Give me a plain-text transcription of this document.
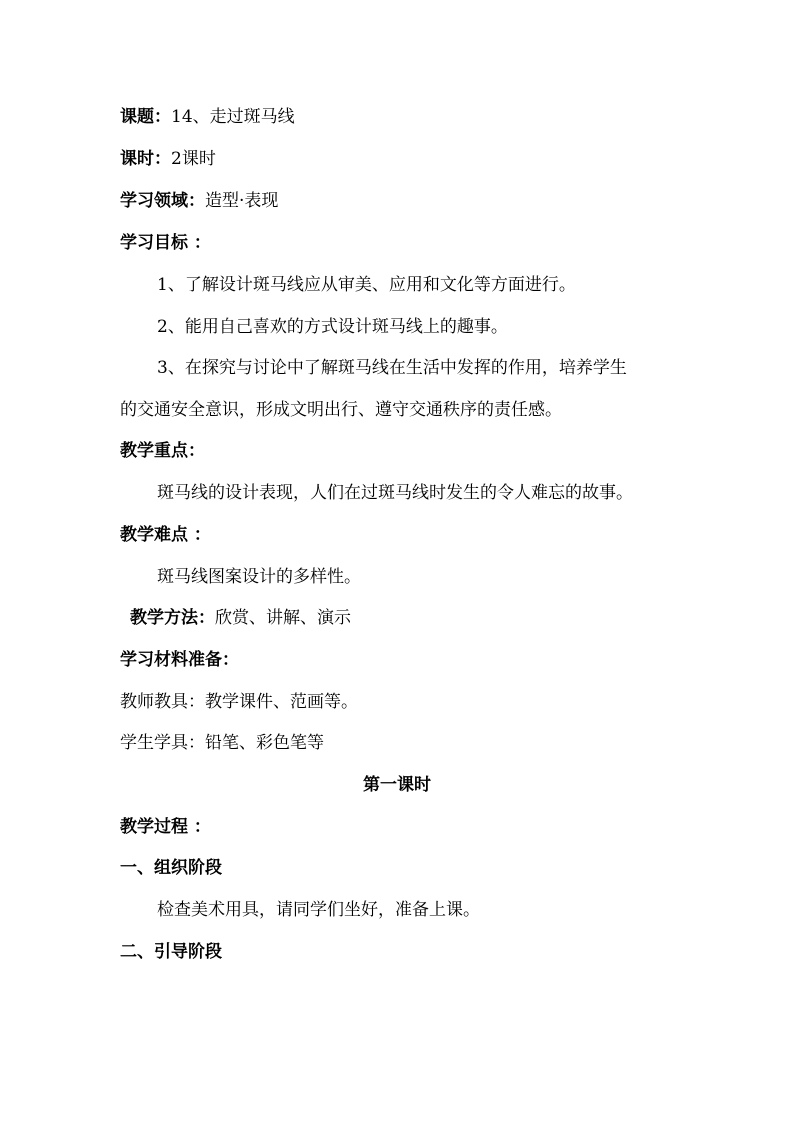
课题：14、走过斑马线
课时：2课时
学习领域：造型·表现
学习目标 ：
1、了解设计斑马线应从审美、应用和文化等方面进行。
2、能用自己喜欢的方式设计斑马线上的趣事。
3、在探究与讨论中了解斑马线在生活中发挥的作用，培养学生
的交通安全意识，形成文明出行、遵守交通秩序的责任感。
教学重点：
斑马线的设计表现，人们在过斑马线时发生的令人难忘的故事。
教学难点 ：
斑马线图案设计的多样性。
教学方法：欣赏、讲解、演示
学习材料准备：
教师教具：教学课件、范画等。
学生学具：铅笔、彩色笔等
第一课时
教学过程 ：
一、组织阶段
检查美术用具，请同学们坐好，准备上课。
二、引导阶段
